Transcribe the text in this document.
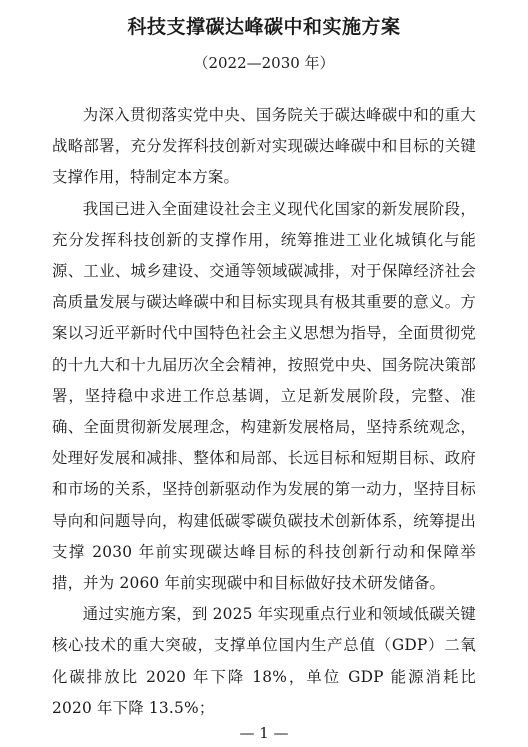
科技支撑碳达峰碳中和实施方案
（2022—2030 年）

为深入贯彻落实党中央、国务院关于碳达峰碳中和的重大战略部署，充分发挥科技创新对实现碳达峰碳中和目标的关键支撑作用，特制定本方案。

我国已进入全面建设社会主义现代化国家的新发展阶段，充分发挥科技创新的支撑作用，统筹推进工业化城镇化与能源、工业、城乡建设、交通等领域碳减排，对于保障经济社会高质量发展与碳达峰碳中和目标实现具有极其重要的意义。方案以习近平新时代中国特色社会主义思想为指导，全面贯彻党的十九大和十九届历次全会精神，按照党中央、国务院决策部署，坚持稳中求进工作总基调，立足新发展阶段，完整、准确、全面贯彻新发展理念，构建新发展格局，坚持系统观念，处理好发展和减排、整体和局部、长远目标和短期目标、政府和市场的关系，坚持创新驱动作为发展的第一动力，坚持目标导向和问题导向，构建低碳零碳负碳技术创新体系，统筹提出支撑 2030 年前实现碳达峰目标的科技创新行动和保障举措，并为 2060 年前实现碳中和目标做好技术研发储备。

通过实施方案，到 2025 年实现重点行业和领域低碳关键核心技术的重大突破，支撑单位国内生产总值（GDP）二氧化碳排放比 2020 年下降 18%，单位 GDP 能源消耗比 2020 年下降 13.5%；

— 1 —
